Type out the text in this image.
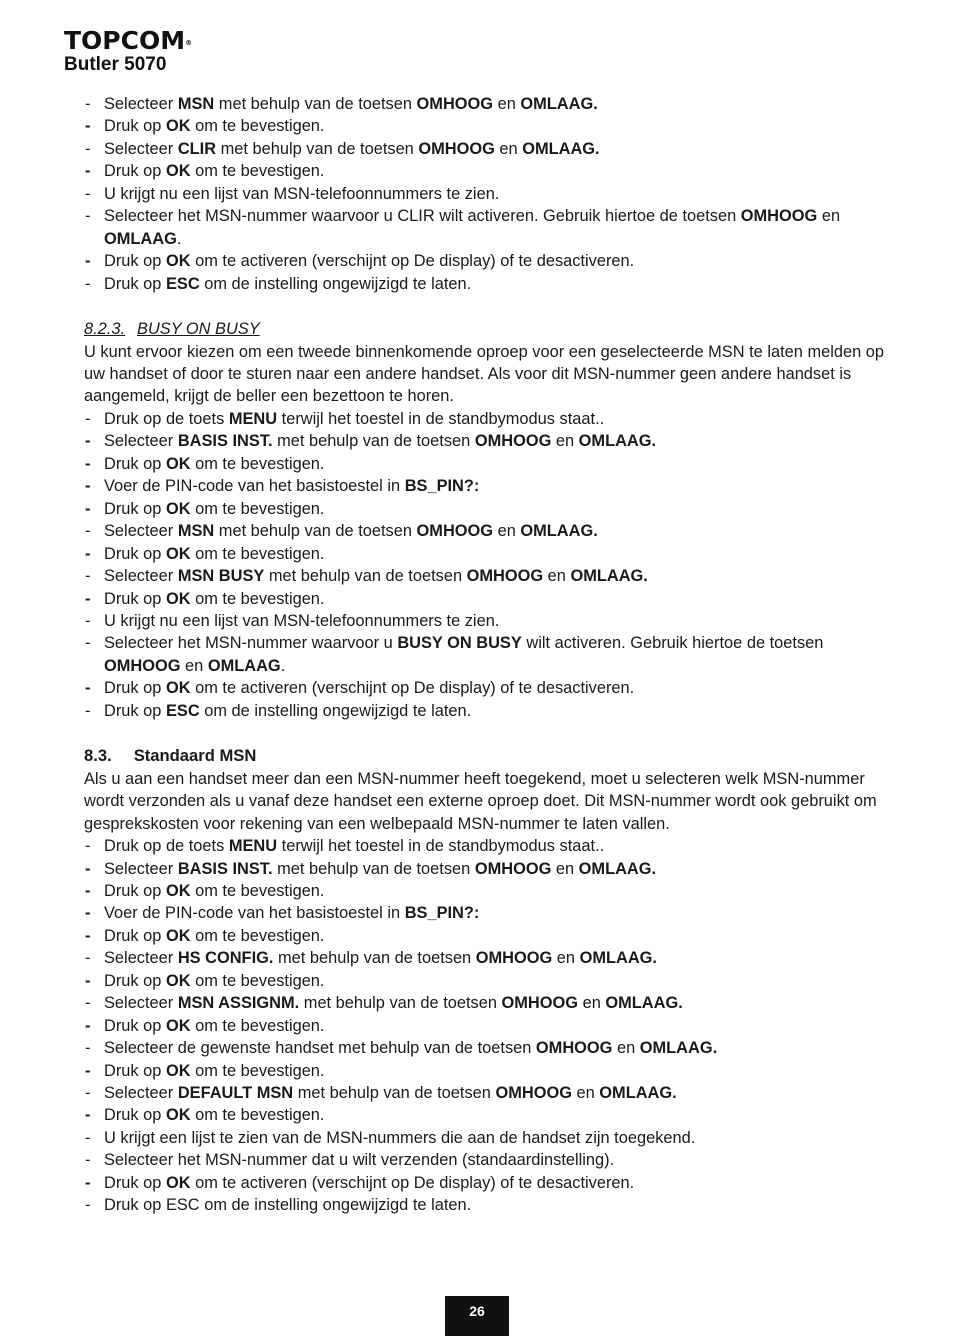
TOPCOM ®
Butler 5070
- Selecteer MSN met behulp van de toetsen OMHOOG en OMLAAG.
- Druk op OK om te bevestigen.
- Selecteer CLIR met behulp van de toetsen OMHOOG en OMLAAG.
- Druk op OK om te bevestigen.
- U krijgt nu een lijst van MSN-telefoonnummers te zien.
- Selecteer het MSN-nummer waarvoor u CLIR wilt activeren. Gebruik hiertoe de toetsen OMHOOG en OMLAAG.
- Druk op OK om te activeren (verschijnt op De display) of te desactiveren.
- Druk op ESC om de instelling ongewijzigd te laten.
8.2.3. BUSY ON BUSY

U kunt ervoor kiezen om een tweede binnenkomende oproep voor een geselecteerde MSN te laten melden op uw handset of door te sturen naar een andere handset. Als voor dit MSN-nummer geen andere handset is aangemeld, krijgt de beller een bezettoon te horen.

- Druk op de toets MENU terwijl het toestel in de standbymodus staat..
- Selecteer BASIS INST. met behulp van de toetsen OMHOOG en OMLAAG.
- Druk op OK om te bevestigen.
- Voer de PIN-code van het basistoestel in BS_PIN?:
- Druk op OK om te bevestigen.
- Selecteer MSN met behulp van de toetsen OMHOOG en OMLAAG.
- Druk op OK om te bevestigen.
- Selecteer MSN BUSY met behulp van de toetsen OMHOOG en OMLAAG.
- Druk op OK om te bevestigen.
- U krijgt nu een lijst van MSN-telefoonnummers te zien.
- Selecteer het MSN-nummer waarvoor u BUSY ON BUSY wilt activeren. Gebruik hiertoe de toetsen OMHOOG en OMLAAG.
- Druk op OK om te activeren (verschijnt op De display) of te desactiveren.
- Druk op ESC om de instelling ongewijzigd te laten.
8.3. Standaard MSN

Als u aan een handset meer dan een MSN-nummer heeft toegekend, moet u selecteren welk MSN-nummer wordt verzonden als u vanaf deze handset een externe oproep doet. Dit MSN-nummer wordt ook gebruikt om gesprekskosten voor rekening van een welbepaald MSN-nummer te laten vallen.

- Druk op de toets MENU terwijl het toestel in de standbymodus staat..
- Selecteer BASIS INST. met behulp van de toetsen OMHOOG en OMLAAG.
- Druk op OK om te bevestigen.
- Voer de PIN-code van het basistoestel in BS_PIN?:
- Druk op OK om te bevestigen.
- Selecteer HS CONFIG. met behulp van de toetsen OMHOOG en OMLAAG.
- Druk op OK om te bevestigen.
- Selecteer MSN ASSIGNM. met behulp van de toetsen OMHOOG en OMLAAG.
- Druk op OK om te bevestigen.
- Selecteer de gewenste handset met behulp van de toetsen OMHOOG en OMLAAG.
- Druk op OK om te bevestigen.
- Selecteer DEFAULT MSN met behulp van de toetsen OMHOOG en OMLAAG.
- Druk op OK om te bevestigen.
- U krijgt een lijst te zien van de MSN-nummers die aan de handset zijn toegekend.
- Selecteer het MSN-nummer dat u wilt verzenden (standaardinstelling).
- Druk op OK om te activeren (verschijnt op De display) of te desactiveren.
- Druk op ESC om de instelling ongewijzigd te laten.
26
